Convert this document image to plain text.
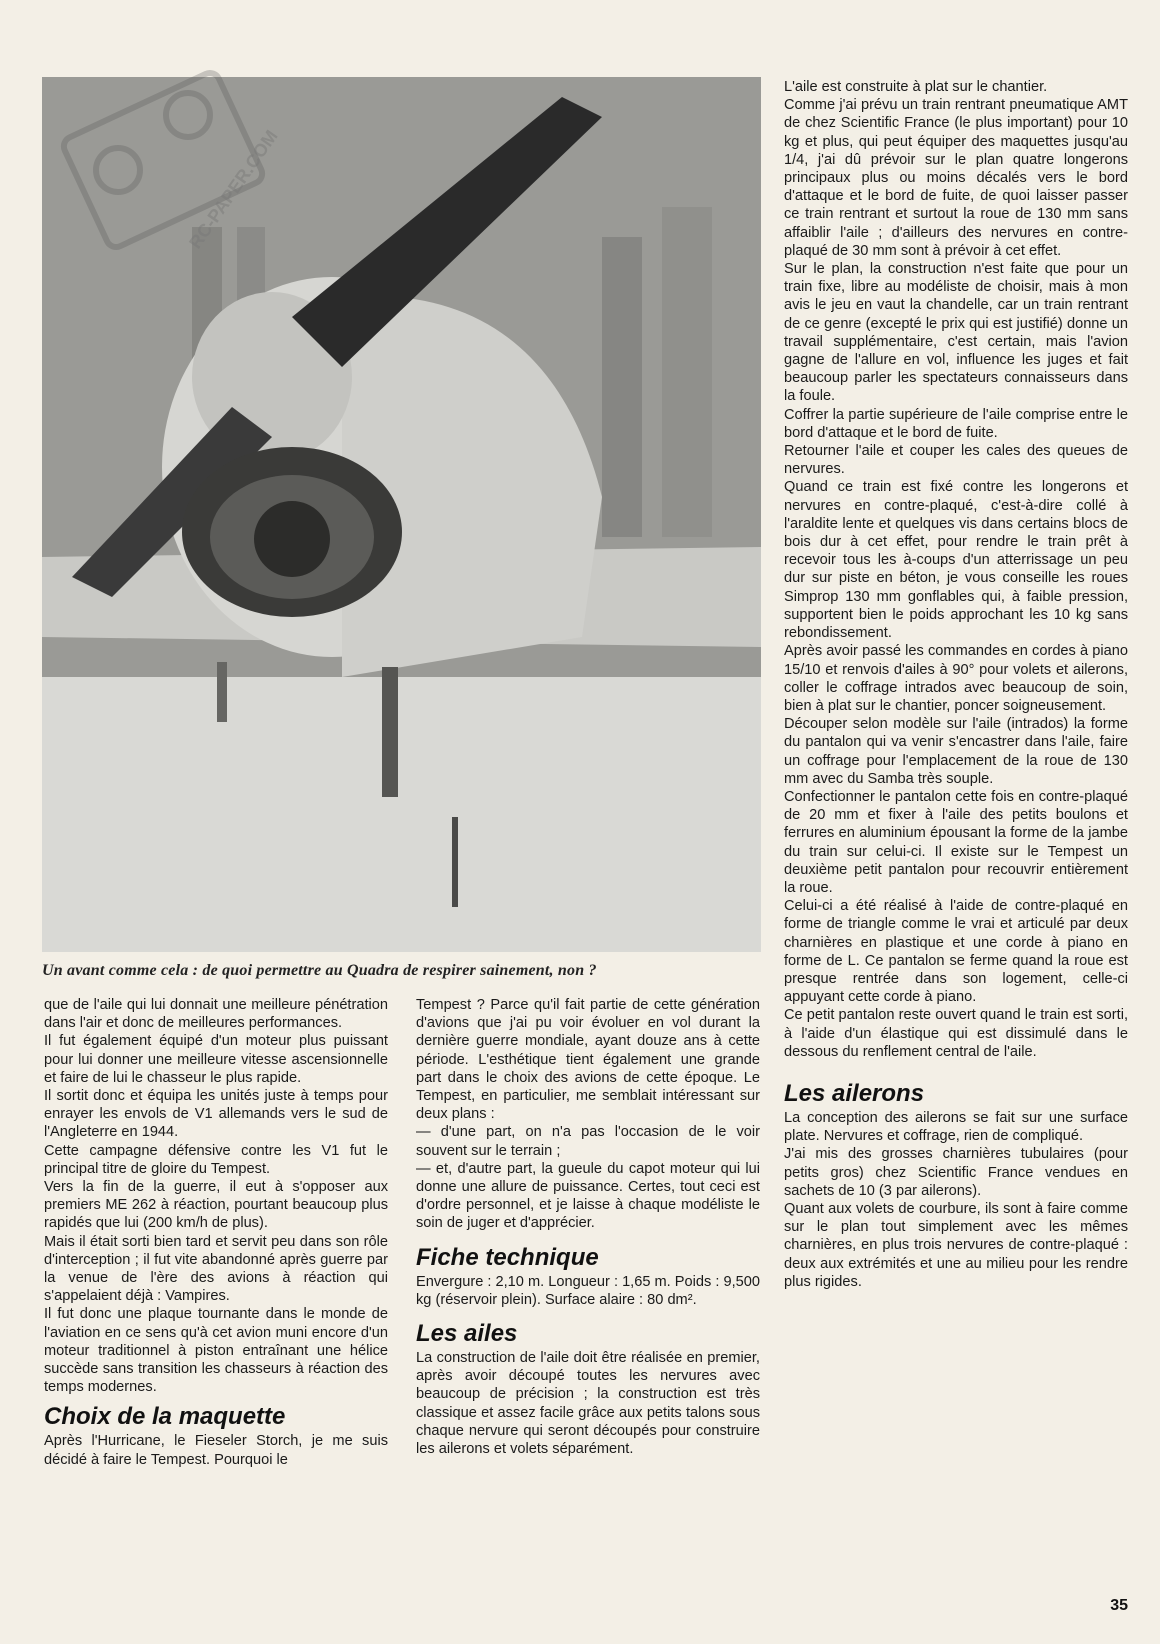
RC-PAPER.COM
Un avant comme cela : de quoi permettre au Quadra de respirer sainement, non ?

que de l'aile qui lui donnait une meilleure pénétration dans l'air et donc de meilleures performances.

Il fut également équipé d'un moteur plus puissant pour lui donner une meilleure vitesse ascensionnelle et faire de lui le chasseur le plus rapide.

Il sortit donc et équipa les unités juste à temps pour enrayer les envols de V1 allemands vers le sud de l'Angleterre en 1944.

Cette campagne défensive contre les V1 fut le principal titre de gloire du Tempest.

Vers la fin de la guerre, il eut à s'opposer aux premiers ME 262 à réaction, pourtant beaucoup plus rapidés que lui (200 km/h de plus).

Mais il était sorti bien tard et servit peu dans son rôle d'interception ; il fut vite abandonné après guerre par la venue de l'ère des avions à réaction qui s'appelaient déjà : Vampires.

Il fut donc une plaque tournante dans le monde de l'aviation en ce sens qu'à cet avion muni encore d'un moteur traditionnel à piston entraînant une hélice succède sans transition les chasseurs à réaction des temps modernes.

Choix de la maquette

Après l'Hurricane, le Fieseler Storch, je me suis décidé à faire le Tempest. Pourquoi le

Tempest ? Parce qu'il fait partie de cette génération d'avions que j'ai pu voir évoluer en vol durant la dernière guerre mondiale, ayant douze ans à cette période. L'esthétique tient également une grande part dans le choix des avions de cette époque. Le Tempest, en particulier, me semblait intéressant sur deux plans :

— d'une part, on n'a pas l'occasion de le voir souvent sur le terrain ;

— et, d'autre part, la gueule du capot moteur qui lui donne une allure de puissance. Certes, tout ceci est d'ordre personnel, et je laisse à chaque modéliste le soin de juger et d'apprécier.

Fiche technique

Envergure : 2,10 m. Longueur : 1,65 m. Poids : 9,500 kg (réservoir plein). Surface alaire : 80 dm².

Les ailes

La construction de l'aile doit être réalisée en premier, après avoir découpé toutes les nervures avec beaucoup de précision ; la construction est très classique et assez facile grâce aux petits talons sous chaque nervure qui seront découpés pour construire les ailerons et volets séparément.

L'aile est construite à plat sur le chantier.

Comme j'ai prévu un train rentrant pneumatique AMT de chez Scientific France (le plus important) pour 10 kg et plus, qui peut équiper des maquettes jusqu'au 1/4, j'ai dû prévoir sur le plan quatre longerons principaux plus ou moins décalés vers le bord d'attaque et le bord de fuite, de quoi laisser passer ce train rentrant et surtout la roue de 130 mm sans affaiblir l'aile ; d'ailleurs des nervures en contre-plaqué de 30 mm sont à prévoir à cet effet.

Sur le plan, la construction n'est faite que pour un train fixe, libre au modéliste de choisir, mais à mon avis le jeu en vaut la chandelle, car un train rentrant de ce genre (excepté le prix qui est justifié) donne un travail supplémentaire, c'est certain, mais l'avion gagne de l'allure en vol, influence les juges et fait beaucoup parler les spectateurs connaisseurs dans la foule.

Coffrer la partie supérieure de l'aile comprise entre le bord d'attaque et le bord de fuite.

Retourner l'aile et couper les cales des queues de nervures.

Quand ce train est fixé contre les longerons et nervures en contre-plaqué, c'est-à-dire collé à l'araldite lente et quelques vis dans certains blocs de bois dur à cet effet, pour rendre le train prêt à recevoir tous les à-coups d'un atterrissage un peu dur sur piste en béton, je vous conseille les roues Simprop 130 mm gonflables qui, à faible pression, supportent bien le poids approchant les 10 kg sans rebondissement.

Après avoir passé les commandes en cordes à piano 15/10 et renvois d'ailes à 90° pour volets et ailerons, coller le coffrage intrados avec beaucoup de soin, bien à plat sur le chantier, poncer soigneusement.

Découper selon modèle sur l'aile (intrados) la forme du pantalon qui va venir s'encastrer dans l'aile, faire un coffrage pour l'emplacement de la roue de 130 mm avec du Samba très souple.

Confectionner le pantalon cette fois en contre-plaqué de 20 mm et fixer à l'aile des petits boulons et ferrures en aluminium épousant la forme de la jambe du train sur celui-ci. Il existe sur le Tempest un deuxième petit pantalon pour recouvrir entièrement la roue.

Celui-ci a été réalisé à l'aide de contre-plaqué en forme de triangle comme le vrai et articulé par deux charnières en plastique et une corde à piano en forme de L. Ce pantalon se ferme quand la roue est presque rentrée dans son logement, celle-ci appuyant cette corde à piano.

Ce petit pantalon reste ouvert quand le train est sorti, à l'aide d'un élastique qui est dissimulé dans le dessous du renflement central de l'aile.

Les ailerons

La conception des ailerons se fait sur une surface plate. Nervures et coffrage, rien de compliqué.

J'ai mis des grosses charnières tubulaires (pour petits gros) chez Scientific France vendues en sachets de 10 (3 par ailerons).

Quant aux volets de courbure, ils sont à faire comme sur le plan tout simplement avec les mêmes charnières, en plus trois nervures de contre-plaqué : deux aux extrémités et une au milieu pour les rendre plus rigides.

35
